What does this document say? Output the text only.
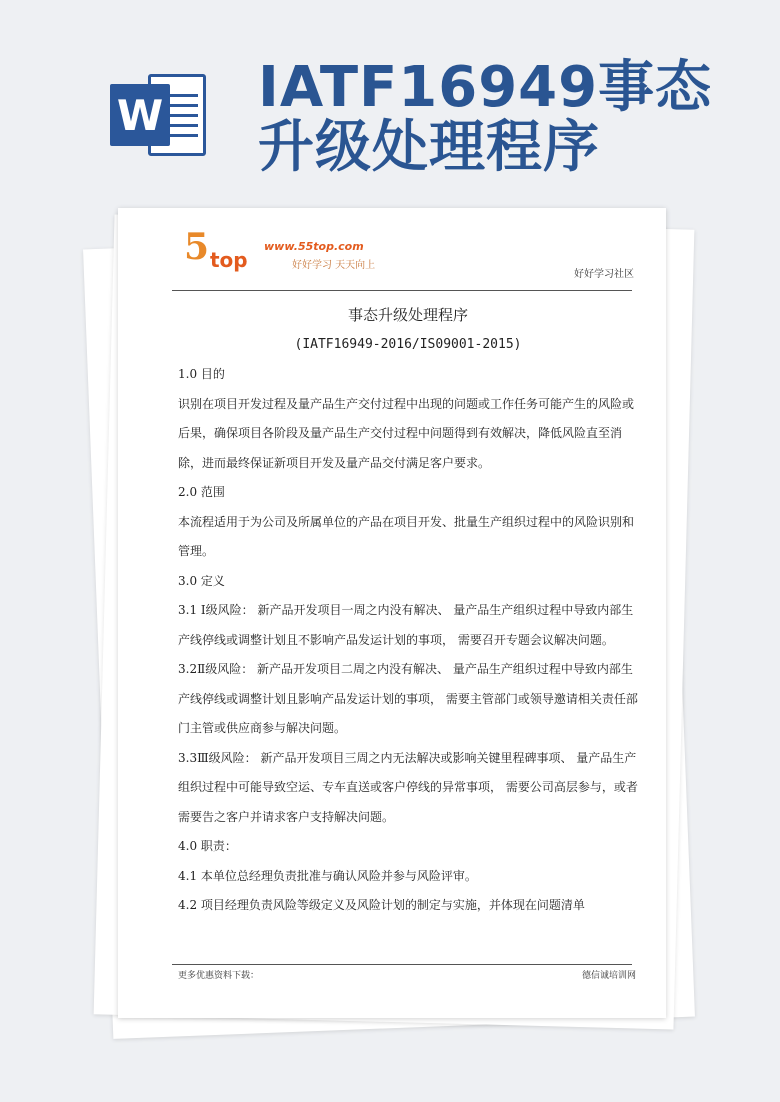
W IATF16949事态升级处理程序
5 top
www.55top.com
好好学习 天天向上
好好学习社区
事态升级处理程序
(IATF16949-2016/IS09001-2015)

1.0 目的

识别在项目开发过程及量产品生产交付过程中出现的问题或工作任务可能产生的风险或后果，确保项目各阶段及量产品生产交付过程中问题得到有效解决，降低风险直至消除，进而最终保证新项目开发及量产品交付满足客户要求。

2.0 范围

本流程适用于为公司及所属单位的产品在项目开发、批量生产组织过程中的风险识别和管理。

3.0 定义

3.1 Ⅰ级风险： 新产品开发项目一周之内没有解决、 量产品生产组织过程中导致内部生产线停线或调整计划且不影响产品发运计划的事项， 需要召开专题会议解决问题。

3.2Ⅱ级风险： 新产品开发项目二周之内没有解决、 量产品生产组织过程中导致内部生产线停线或调整计划且影响产品发运计划的事项， 需要主管部门或领导邀请相关责任部门主管或供应商参与解决问题。

3.3Ⅲ级风险： 新产品开发项目三周之内无法解决或影响关键里程碑事项、 量产品生产组织过程中可能导致空运、专车直送或客户停线的异常事项， 需要公司高层参与，或者需要告之客户并请求客户支持解决问题。

4.0 职责：

4.1 本单位总经理负责批准与确认风险并参与风险评审。

4.2 项目经理负责风险等级定义及风险计划的制定与实施，并体现在问题清单

更多优惠资料下载：	德信诚培训网
